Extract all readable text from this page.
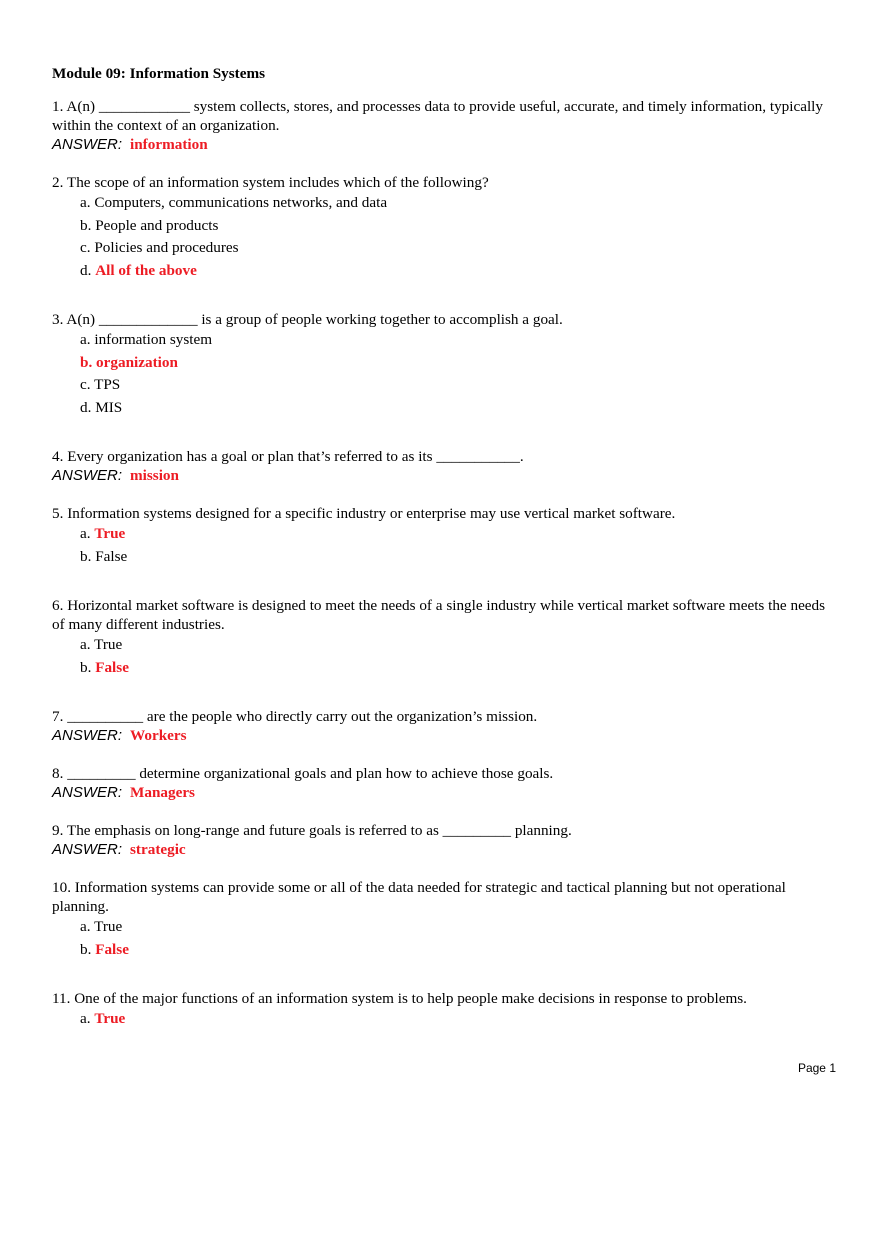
Module 09: Information Systems

1. A(n) ____________ system collects, stores, and processes data to provide useful, accurate, and timely information, typically within the context of an organization.

ANSWER: information

2. The scope of an information system includes which of the following?

a. Computers, communications networks, and data
b. People and products
c. Policies and procedures
d. All of the above

3. A(n) _____________ is a group of people working together to accomplish a goal.

a. information system
b. organization
c. TPS
d. MIS

4. Every organization has a goal or plan that’s referred to as its ___________.

ANSWER: mission

5. Information systems designed for a specific industry or enterprise may use vertical market software.

a. True
b. False

6. Horizontal market software is designed to meet the needs of a single industry while vertical market software meets the needs of many different industries.

a. True
b. False

7. __________ are the people who directly carry out the organization’s mission.

ANSWER: Workers

8. _________ determine organizational goals and plan how to achieve those goals.

ANSWER: Managers

9. The emphasis on long-range and future goals is referred to as _________ planning.

ANSWER: strategic

10. Information systems can provide some or all of the data needed for strategic and tactical planning but not operational planning.

a. True
b. False

11. One of the major functions of an information system is to help people make decisions in response to problems.

a. True
Page 1
